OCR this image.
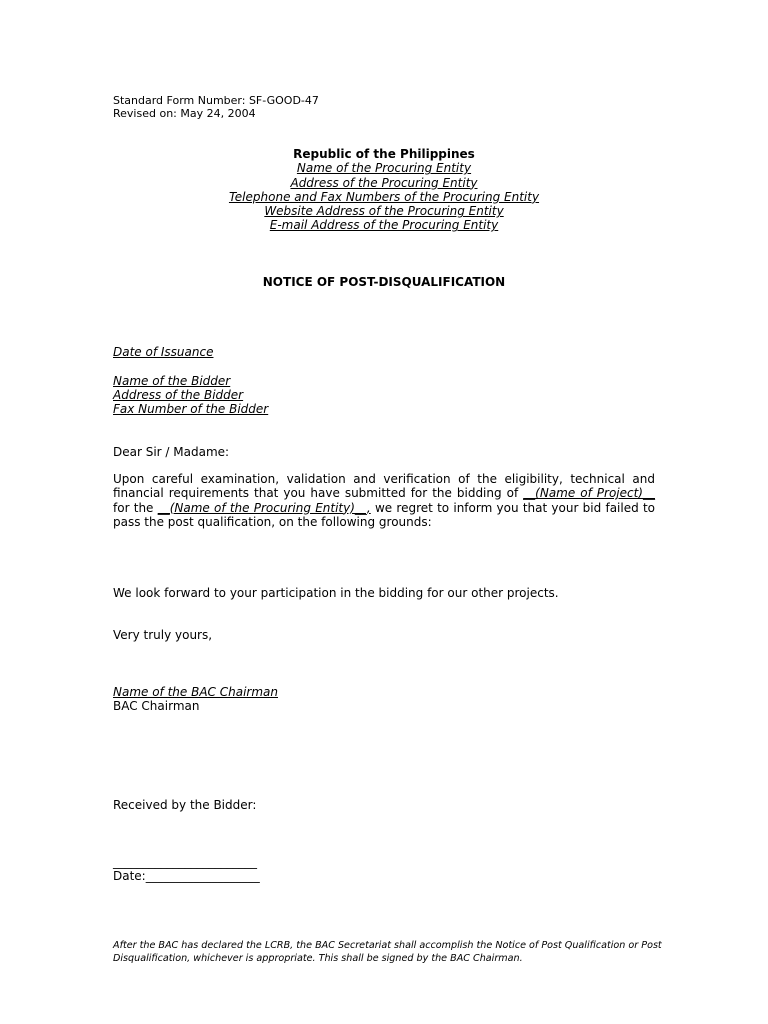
Standard Form Number: SF-GOOD-47
Revised on: May 24, 2004
Republic of the Philippines
Name of the Procuring Entity
Address of the Procuring Entity
Telephone and Fax Numbers of the Procuring Entity
Website Address of the Procuring Entity
E-mail Address of the Procuring Entity
NOTICE OF POST-DISQUALIFICATION
Date of Issuance
Name of the Bidder
Address of the Bidder
Fax Number of the Bidder
Dear Sir / Madame:
Upon careful examination, validation and verification of the eligibility, technical and financial requirements that you have submitted for the bidding of __(Name of Project)__ for the __(Name of the Procuring Entity)__, we regret to inform you that your bid failed to pass the post qualification, on the following grounds:
We look forward to your participation in the bidding for our other projects.
Very truly yours,
Name of the BAC Chairman
BAC Chairman
Received by the Bidder:
________________________
Date:___________________
After the BAC has declared the LCRB, the BAC Secretariat shall accomplish the Notice of Post Qualification or Post Disqualification, whichever is appropriate. This shall be signed by the BAC Chairman.
